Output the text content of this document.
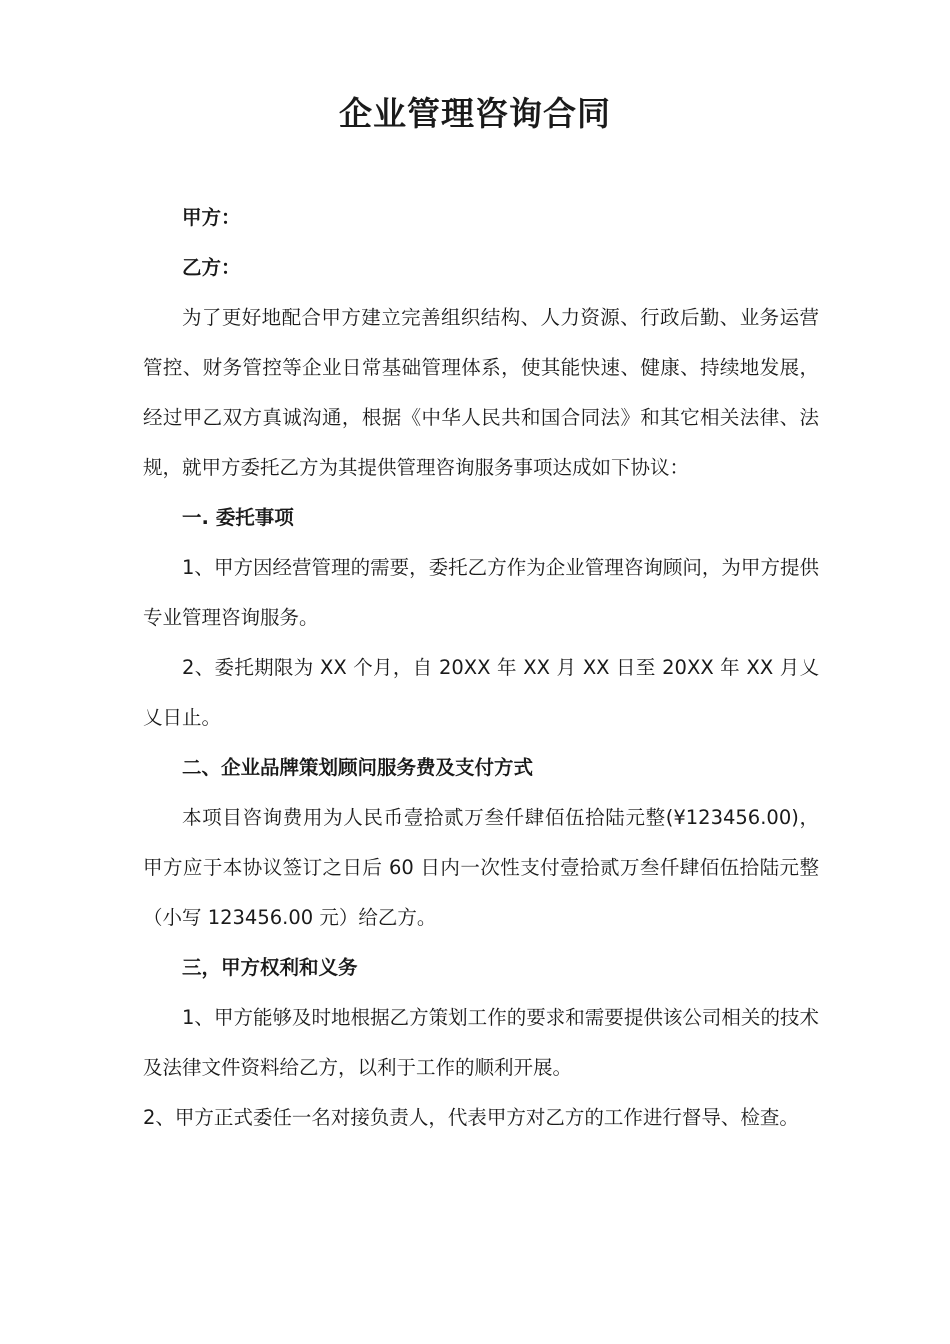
企业管理咨询合同

甲方：

乙方：

为了更好地配合甲方建立完善组织结构、人力资源、行政后勤、业务运营管控、财务管控等企业日常基础管理体系，使其能快速、健康、持续地发展，经过甲乙双方真诚沟通，根据《中华人民共和国合同法》和其它相关法律、法规，就甲方委托乙方为其提供管理咨询服务事项达成如下协议：

一. 委托事项

1、甲方因经营管理的需要，委托乙方作为企业管理咨询顾问，为甲方提供专业管理咨询服务。

2、委托期限为 XX 个月，自 20XX 年 XX 月 XX 日至 20XX 年 XX 月乂乂日止。

二、企业品牌策划顾问服务费及支付方式

本项目咨询费用为人民币壹拾贰万叁仟肆佰伍拾陆元整(¥123456.00)，甲方应于本协议签订之日后 60 日内一次性支付壹拾贰万叁仟肆佰伍拾陆元整（小写 123456.00 元）给乙方。

三，甲方权利和义务

1、甲方能够及时地根据乙方策划工作的要求和需要提供该公司相关的技术及法律文件资料给乙方，以利于工作的顺利开展。

2、甲方正式委任一名对接负责人，代表甲方对乙方的工作进行督导、检查。
